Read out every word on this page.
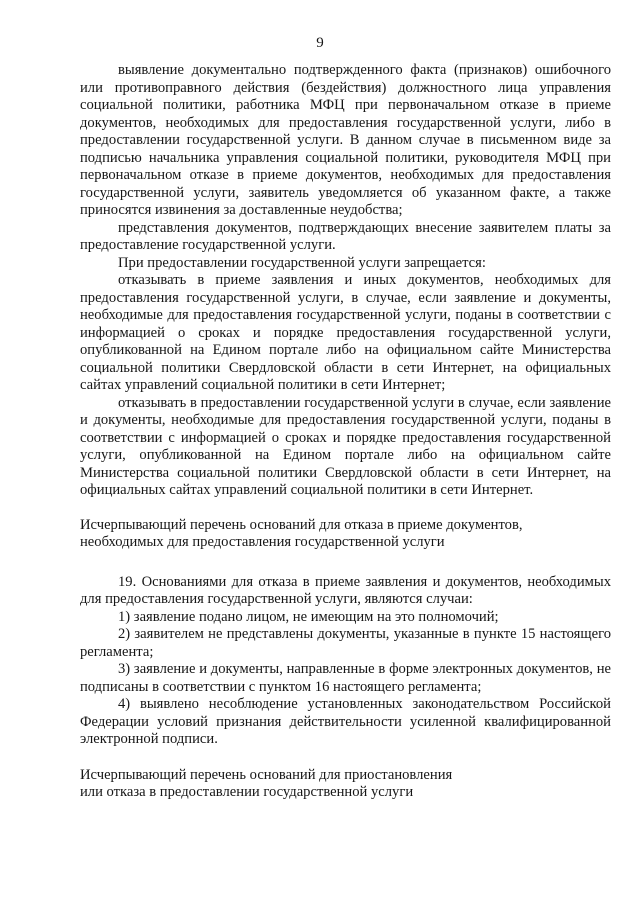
9

выявление документально подтвержденного факта (признаков) ошибочного или противоправного действия (бездействия) должностного лица управления социальной политики, работника МФЦ при первоначальном отказе в приеме документов, необходимых для предоставления государственной услуги, либо в предоставлении государственной услуги. В данном случае в письменном виде за подписью начальника управления социальной политики, руководителя МФЦ при первоначальном отказе в приеме документов, необходимых для предоставления государственной услуги, заявитель уведомляется об указанном факте, а также приносятся извинения за доставленные неудобства;

представления документов, подтверждающих внесение заявителем платы за предоставление государственной услуги.

При предоставлении государственной услуги запрещается:

отказывать в приеме заявления и иных документов, необходимых для предоставления государственной услуги, в случае, если заявление и документы, необходимые для предоставления государственной услуги, поданы в соответствии с информацией о сроках и порядке предоставления государственной услуги, опубликованной на Едином портале либо на официальном сайте Министерства социальной политики Свердловской области в сети Интернет, на официальных сайтах управлений социальной политики в сети Интернет;

отказывать в предоставлении государственной услуги в случае, если заявление и документы, необходимые для предоставления государственной услуги, поданы в соответствии с информацией о сроках и порядке предоставления государственной услуги, опубликованной на Едином портале либо на официальном сайте Министерства социальной политики Свердловской области в сети Интернет, на официальных сайтах управлений социальной политики в сети Интернет.

Исчерпывающий перечень оснований для отказа в приеме документов,
необходимых для предоставления государственной услуги

19. Основаниями для отказа в приеме заявления и документов, необходимых для предоставления государственной услуги, являются случаи:

1) заявление подано лицом, не имеющим на это полномочий;

2) заявителем не представлены документы, указанные в пункте 15 настоящего регламента;

3) заявление и документы, направленные в форме электронных документов, не подписаны в соответствии с пунктом 16 настоящего регламента;

4) выявлено несоблюдение установленных законодательством Российской Федерации условий признания действительности усиленной квалифицированной электронной подписи.

Исчерпывающий перечень оснований для приостановления
или отказа в предоставлении государственной услуги
